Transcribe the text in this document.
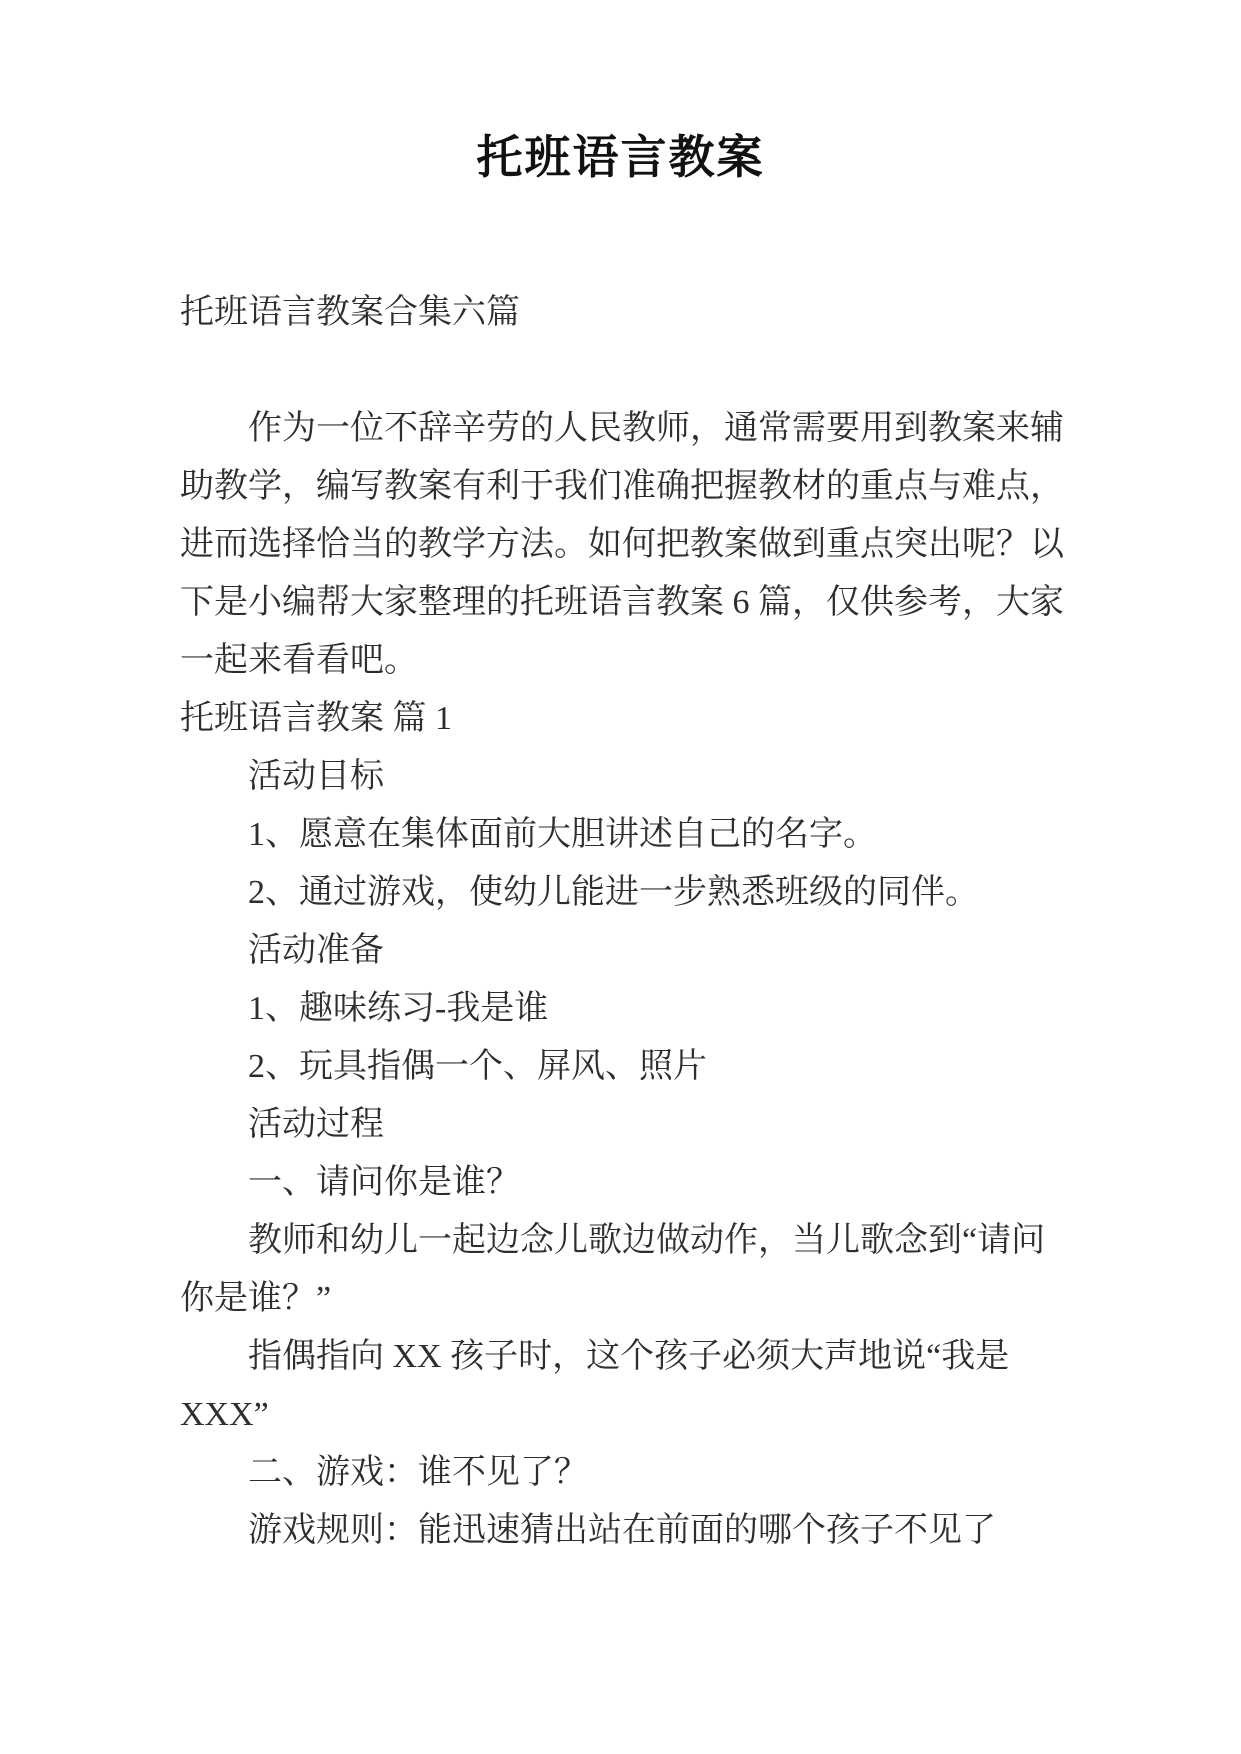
托班语言教案
托班语言教案合集六篇
作为一位不辞辛劳的人民教师，通常需要用到教案来辅
助教学，编写教案有利于我们准确把握教材的重点与难点，
进而选择恰当的教学方法。如何把教案做到重点突出呢？以
下是小编帮大家整理的托班语言教案 6 篇，仅供参考，大家
一起来看看吧。
托班语言教案 篇 1
活动目标
1、愿意在集体面前大胆讲述自己的名字。
2、通过游戏，使幼儿能进一步熟悉班级的同伴。
活动准备
1、趣味练习-我是谁
2、玩具指偶一个、屏风、照片
活动过程
一、请问你是谁？
教师和幼儿一起边念儿歌边做动作，当儿歌念到“请问
你是谁？”
指偶指向 XX 孩子时，这个孩子必须大声地说“我是
XXX”
二、游戏：谁不见了？
游戏规则：能迅速猜出站在前面的哪个孩子不见了
